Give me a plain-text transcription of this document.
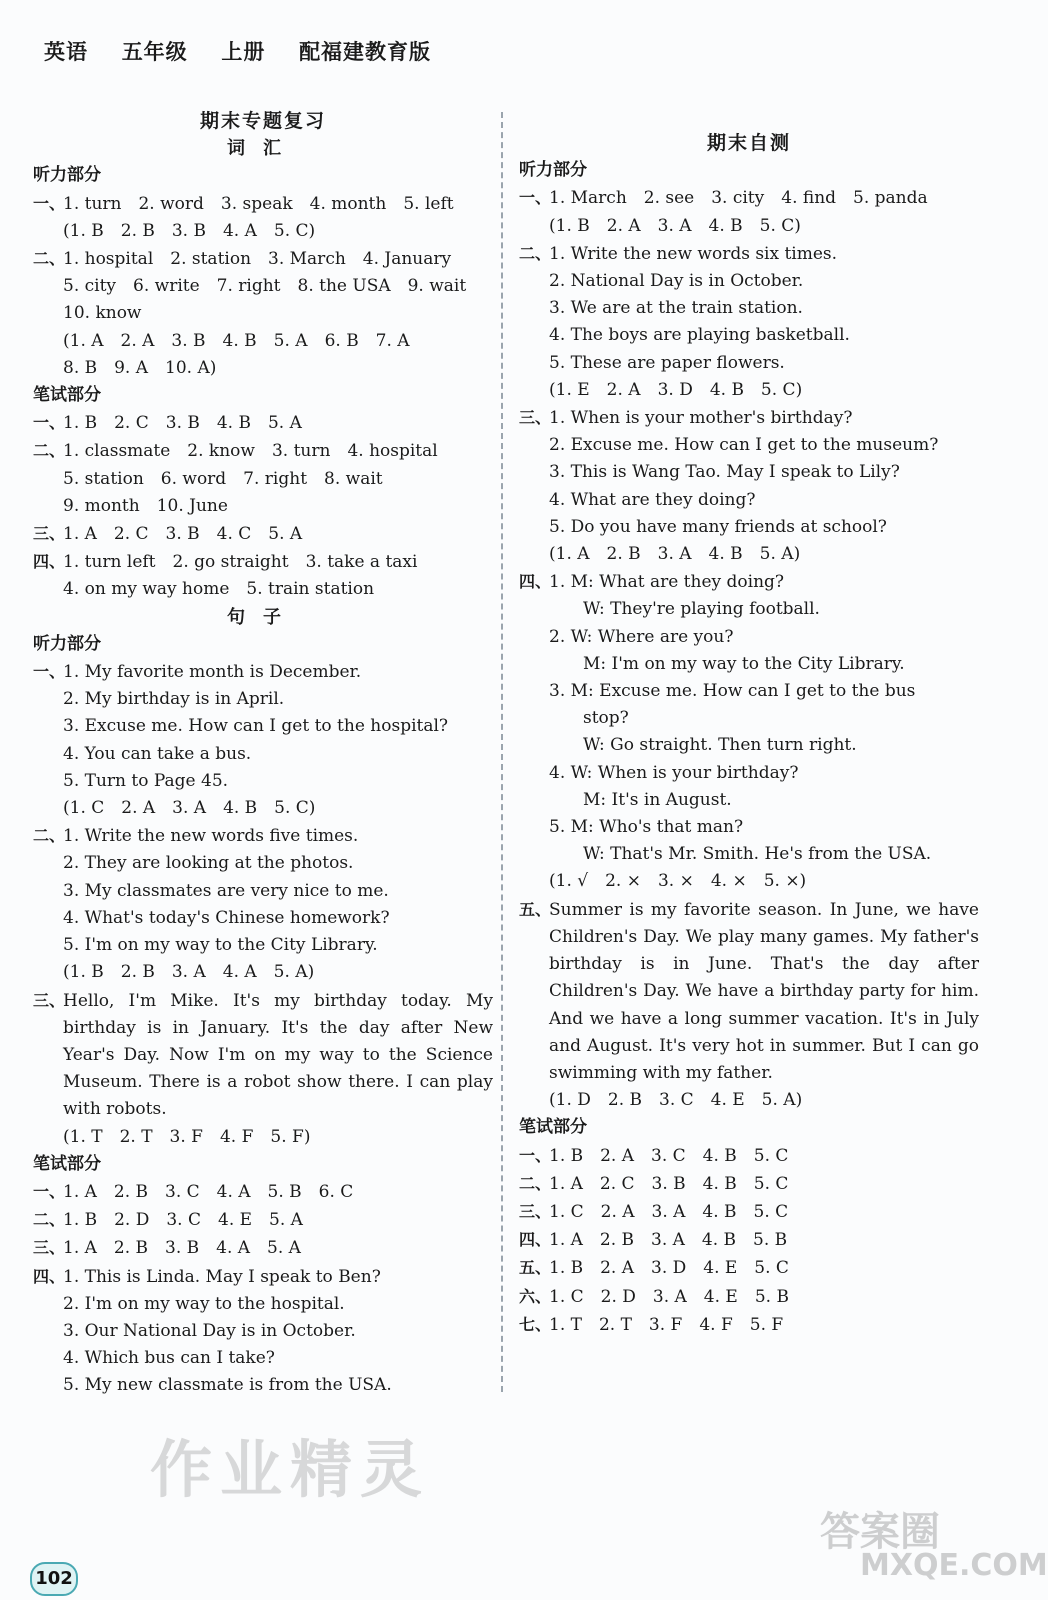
英语 五年级 上册 配福建教育版
期末专题复习
词汇
听力部分
一、1. turn　2. word　3. speak　4. month　5. left
(1. B　2. B　3. B　4. A　5. C)
二、1. hospital　2. station　3. March　4. January
5. city　6. write　7. right　8. the USA　9. wait
10. know
(1. A　2. A　3. B　4. B　5. A　6. B　7. A
8. B　9. A　10. A)
笔试部分
一、1. B　2. C　3. B　4. B　5. A
二、1. classmate　2. know　3. turn　4. hospital
5. station　6. word　7. right　8. wait
9. month　10. June
三、1. A　2. C　3. B　4. C　5. A
四、1. turn left　2. go straight　3. take a taxi
4. on my way home　5. train station
句子
听力部分
一、1. My favorite month is December.
2. My birthday is in April.
3. Excuse me. How can I get to the hospital?
4. You can take a bus.
5. Turn to Page 45.
(1. C　2. A　3. A　4. B　5. C)
二、1. Write the new words five times.
2. They are looking at the photos.
3. My classmates are very nice to me.
4. What's today's Chinese homework?
5. I'm on my way to the City Library.
(1. B　2. B　3. A　4. A　5. A)
三、Hello, I'm Mike. It's my birthday today. My birthday is in January. It's the day after New Year's Day. Now I'm on my way to the Science Museum. There is a robot show there. I can play with robots.
(1. T　2. T　3. F　4. F　5. F)
笔试部分
一、1. A　2. B　3. C　4. A　5. B　6. C
二、1. B　2. D　3. C　4. E　5. A
三、1. A　2. B　3. B　4. A　5. A
四、1. This is Linda. May I speak to Ben?
2. I'm on my way to the hospital.
3. Our National Day is in October.
4. Which bus can I take?
5. My new classmate is from the USA.
期末自测
听力部分
一、1. March　2. see　3. city　4. find　5. panda
(1. B　2. A　3. A　4. B　5. C)
二、1. Write the new words six times.
2. National Day is in October.
3. We are at the train station.
4. The boys are playing basketball.
5. These are paper flowers.
(1. E　2. A　3. D　4. B　5. C)
三、1. When is your mother's birthday?
2. Excuse me. How can I get to the museum?
3. This is Wang Tao. May I speak to Lily?
4. What are they doing?
5. Do you have many friends at school?
(1. A　2. B　3. A　4. B　5. A)
四、1. M: What are they doing?
　　W: They're playing football.
2. W: Where are you?
　　M: I'm on my way to the City Library.
3. M: Excuse me. How can I get to the bus
　　stop?
　　W: Go straight. Then turn right.
4. W: When is your birthday?
　　M: It's in August.
5. M: Who's that man?
　　W: That's Mr. Smith. He's from the USA.
(1. √　2. ×　3. ×　4. ×　5. ×)
五、Summer is my favorite season. In June, we have Children's Day. We play many games. My father's birthday is in June. That's the day after Children's Day. We have a birthday party for him. And we have a long summer vacation. It's in July and August. It's very hot in summer. But I can go swimming with my father.
(1. D　2. B　3. C　4. E　5. A)
笔试部分
一、1. B　2. A　3. C　4. B　5. C
二、1. A　2. C　3. B　4. B　5. C
三、1. C　2. A　3. A　4. B　5. C
四、1. A　2. B　3. A　4. B　5. B
五、1. B　2. A　3. D　4. E　5. C
六、1. C　2. D　3. A　4. E　5. B
七、1. T　2. T　3. F　4. F　5. F
作业精灵
答案圈
MXQE.COM
102
